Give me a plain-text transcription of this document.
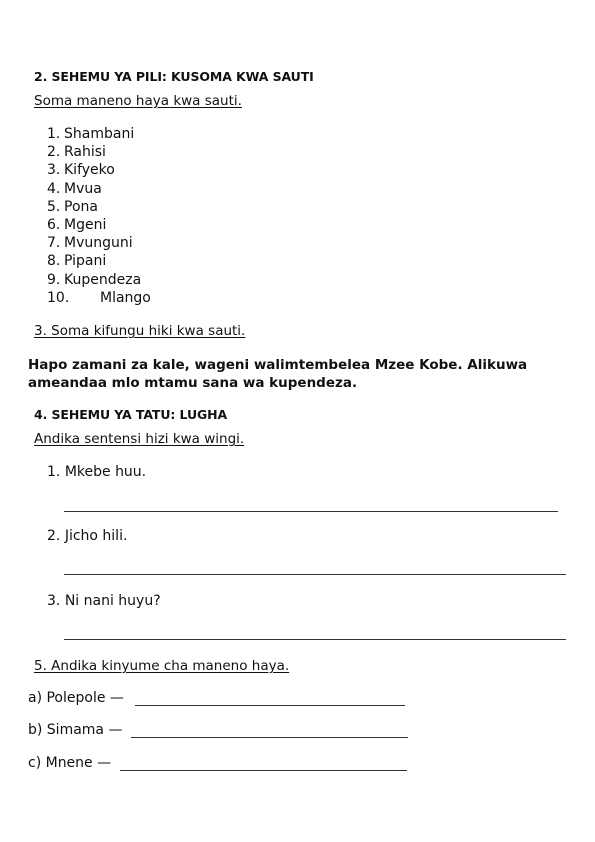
2. SEHEMU YA PILI: KUSOMA KWA SAUTI
Soma maneno haya kwa sauti.
1. Shambani
2. Rahisi
3. Kifyeko
4. Mvua
5. Pona
6. Mgeni
7. Mvunguni
8. Pipani
9. Kupendeza
10. Mlango
3. Soma kifungu hiki kwa sauti.
Hapo zamani za kale, wageni walimtembelea Mzee Kobe. Alikuwa ameandaa mlo mtamu sana wa kupendeza.
4. SEHEMU YA TATU: LUGHA
Andika sentensi hizi kwa wingi.
1. Mkebe huu.
2. Jicho hili.
3. Ni nani huyu?
5. Andika kinyume cha maneno haya.
a) Polepole —
b) Simama —
c) Mnene —
